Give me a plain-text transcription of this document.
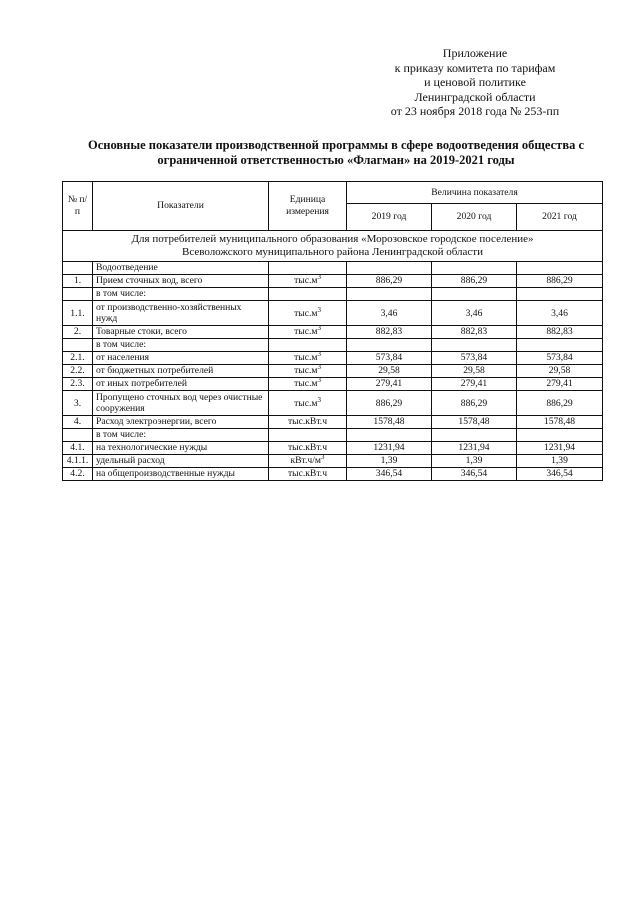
Приложение
к приказу комитета по тарифам
и ценовой политике
Ленинградской области
от 23 ноября 2018 года № 253-пп
Основные показатели производственной программы в сфере водоотведения общества с
ограниченной ответственностью «Флагман» на 2019-2021 годы
№ п/п	Показатели	Единица измерения	Величина показателя		
			2019 год	2020 год	2021 год

Для потребителей муниципального образования «Морозовское городское поселение»
Всеволожского муниципального района Ленинградской области					

	Водоотведение				
1.	Прием сточных вод, всего	$тыс.м^3$	886,29	886,29	886,29
	в том числе:				
1.1.	от производственно-хозяйственных нужд	$тыс.м^3$	3,46	3,46	3,46
2.	Товарные стоки, всего	$тыс.м^3$	882,83	882,83	882,83
	в том числе:				
2.1.	от населения	$тыс.м^3$	573,84	573,84	573,84
2.2.	от бюджетных потребителей	$тыс.м^3$	29,58	29,58	29,58
2.3.	от иных потребителей	$тыс.м^3$	279,41	279,41	279,41
3.	Пропущено сточных вод через очистные сооружения	$тыс.м^3$	886,29	886,29	886,29
4.	Расход электроэнергии, всего	тыс.кВт.ч	1578,48	1578,48	1578,48
	в том числе:				
4.1.	на технологические нужды	тыс.кВт.ч	1231,94	1231,94	1231,94
4.1.1.	удельный расход	$кВт.ч/м^3$	1,39	1,39	1,39
4.2.	на общепроизводственные нужды	тыс.кВт.ч	346,54	346,54	346,54
